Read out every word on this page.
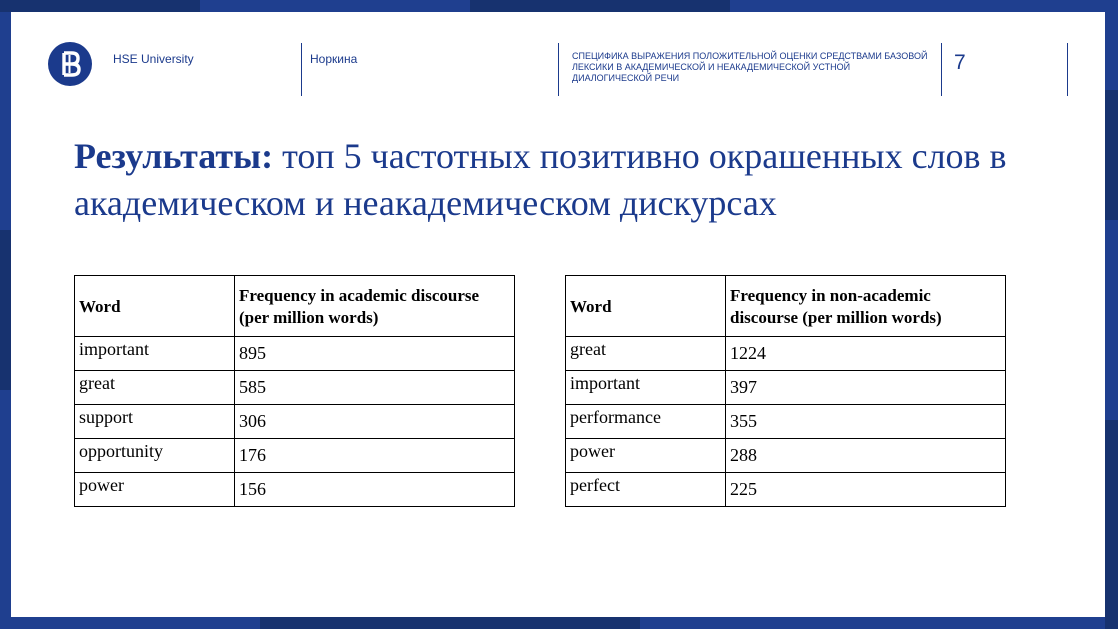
HSE University	Норкина	СПЕЦИФИКА ВЫРАЖЕНИЯ ПОЛОЖИТЕЛЬНОЙ ОЦЕНКИ СРЕДСТВАМИ БАЗОВОЙ ЛЕКСИКИ В АКАДЕМИЧЕСКОЙ И НЕАКАДЕМИЧЕСКОЙ УСТНОЙ ДИАЛОГИЧЕСКОЙ РЕЧИ
7
Результаты: топ 5 частотных позитивно окрашенных слов в академическом и неакадемическом дискурсах
Word	Frequency in academic discourse (per million words)
important	895
great	585
support	306
opportunity	176
power	156
Word	Frequency in non-academic discourse (per million words)
great	1224
important	397
performance	355
power	288
perfect	225
